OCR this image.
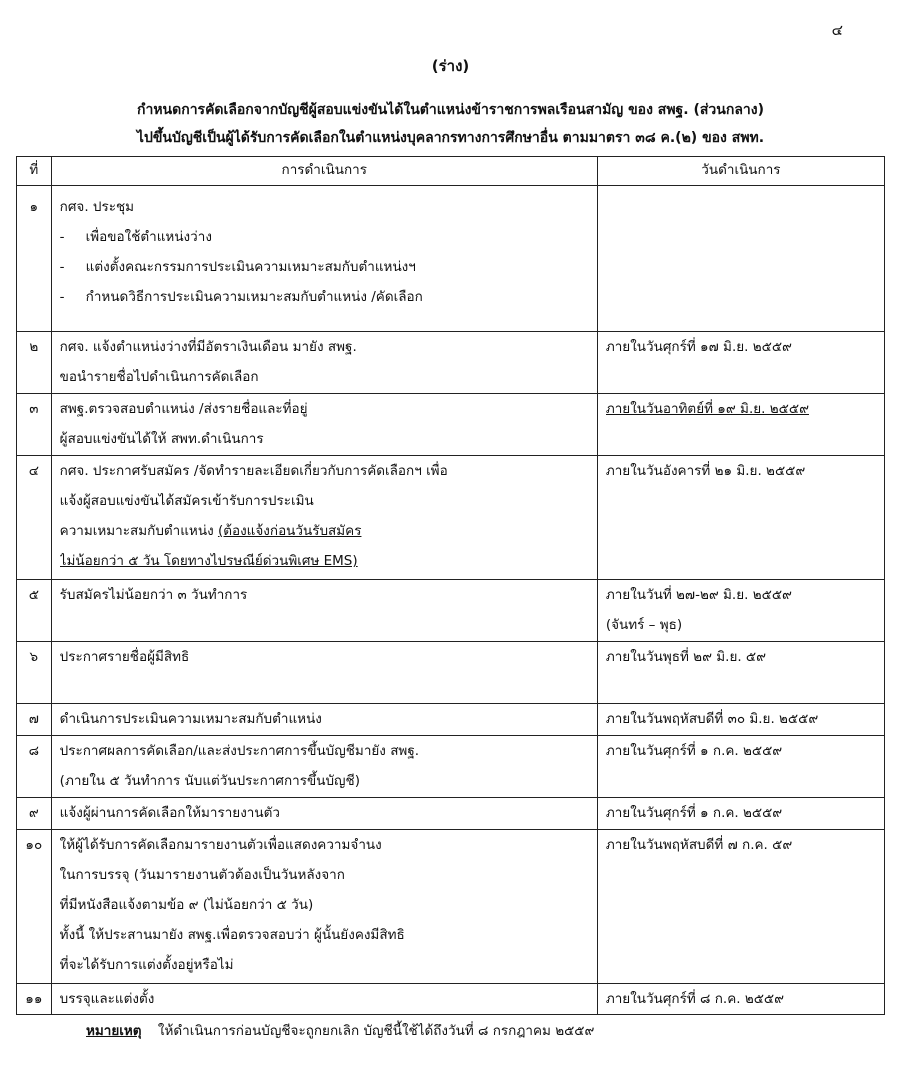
๔
(ร่าง)
กำหนดการคัดเลือกจากบัญชีผู้สอบแข่งขันได้ในตำแหน่งข้าราชการพลเรือนสามัญ ของ สพฐ. (ส่วนกลาง)
ไปขึ้นบัญชีเป็นผู้ได้รับการคัดเลือกในตำแหน่งบุคลากรทางการศึกษาอื่น ตามมาตรา ๓๘ ค.(๒) ของ สพท.
ที่	การดำเนินการ	วันดำเนินการ
๑	กศจ. ประชุม
- เพื่อขอใช้ตำแหน่งว่าง
- แต่งตั้งคณะกรรมการประเมินความเหมาะสมกับตำแหน่งฯ
- กำหนดวิธีการประเมินความเหมาะสมกับตำแหน่ง /คัดเลือก	

๒	กศจ. แจ้งตำแหน่งว่างที่มีอัตราเงินเดือน มายัง สพฐ.
ขอนำรายชื่อไปดำเนินการคัดเลือก	ภายในวันศุกร์ที่ ๑๗ มิ.ย. ๒๕๕๙

๓	สพฐ.ตรวจสอบตำแหน่ง /ส่งรายชื่อและที่อยู่
ผู้สอบแข่งขันได้ให้ สพท.ดำเนินการ	ภายในวันอาทิตย์ที่ ๑๙ มิ.ย. ๒๕๕๙

๔	กศจ. ประกาศรับสมัคร /จัดทำรายละเอียดเกี่ยวกับการคัดเลือกฯ เพื่อ
แจ้งผู้สอบแข่งขันได้สมัครเข้ารับการประเมิน
ความเหมาะสมกับตำแหน่ง (ต้องแจ้งก่อนวันรับสมัคร
ไม่น้อยกว่า ๕ วัน โดยทางไปรษณีย์ด่วนพิเศษ EMS)	ภายในวันอังคารที่ ๒๑ มิ.ย. ๒๕๕๙

๕	รับสมัครไม่น้อยกว่า ๓ วันทำการ	ภายในวันที่ ๒๗-๒๙ มิ.ย. ๒๕๕๙
(จันทร์ – พุธ)

๖	ประกาศรายชื่อผู้มีสิทธิ	ภายในวันพุธที่ ๒๙ มิ.ย. ๕๙

๗	ดำเนินการประเมินความเหมาะสมกับตำแหน่ง	ภายในวันพฤหัสบดีที่ ๓๐ มิ.ย. ๒๕๕๙

๘	ประกาศผลการคัดเลือก/และส่งประกาศการขึ้นบัญชีมายัง สพฐ.
(ภายใน ๕ วันทำการ นับแต่วันประกาศการขึ้นบัญชี)	ภายในวันศุกร์ที่ ๑ ก.ค. ๒๕๕๙

๙	แจ้งผู้ผ่านการคัดเลือกให้มารายงานตัว	ภายในวันศุกร์ที่ ๑ ก.ค. ๒๕๕๙

๑๐	ให้ผู้ได้รับการคัดเลือกมารายงานตัวเพื่อแสดงความจำนง
ในการบรรจุ (วันมารายงานตัวต้องเป็นวันหลังจาก
ที่มีหนังสือแจ้งตามข้อ ๙ (ไม่น้อยกว่า ๕ วัน)
ทั้งนี้ ให้ประสานมายัง สพฐ.เพื่อตรวจสอบว่า ผู้นั้นยังคงมีสิทธิ
ที่จะได้รับการแต่งตั้งอยู่หรือไม่	ภายในวันพฤหัสบดีที่ ๗ ก.ค. ๕๙

๑๑	บรรจุและแต่งตั้ง	ภายในวันศุกร์ที่ ๘ ก.ค. ๒๕๕๙
หมายเหตุ ให้ดำเนินการก่อนบัญชีจะถูกยกเลิก บัญชีนี้ใช้ได้ถึงวันที่ ๘ กรกฎาคม ๒๕๕๙
